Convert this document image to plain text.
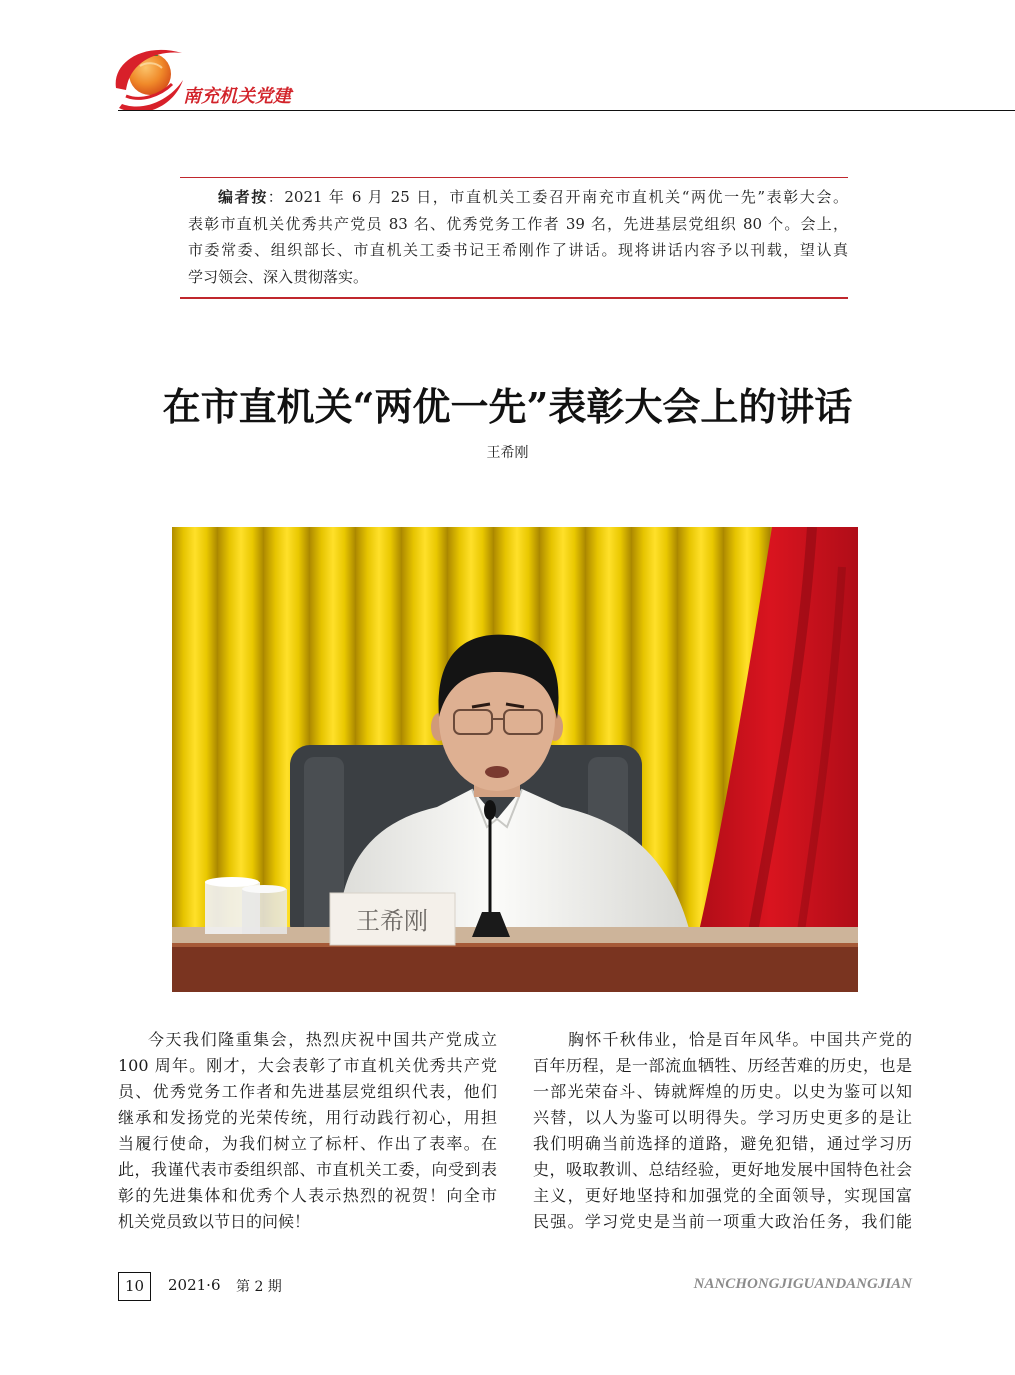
南充机关党建
编者按：2021 年 6 月 25 日，市直机关工委召开南充市直机关“两优一先”表彰大会。
表彰市直机关优秀共产党员 83 名、优秀党务工作者 39 名，先进基层党组织 80 个。会上，
市委常委、组织部长、市直机关工委书记王希刚作了讲话。现将讲话内容予以刊载，望认真
学习领会、深入贯彻落实。
在市直机关“两优一先”表彰大会上的讲话
王希刚
王希刚
今天我们隆重集会，热烈庆祝中国共产党成立
100 周年。刚才，大会表彰了市直机关优秀共产党
员、优秀党务工作者和先进基层党组织代表，他们
继承和发扬党的光荣传统，用行动践行初心，用担
当履行使命，为我们树立了标杆、作出了表率。在
此，我谨代表市委组织部、市直机关工委，向受到表
彰的先进集体和优秀个人表示热烈的祝贺！向全市
机关党员致以节日的问候！
胸怀千秋伟业，恰是百年风华。中国共产党的
百年历程，是一部流血牺牲、历经苦难的历史，也是
一部光荣奋斗、铸就辉煌的历史。以史为鉴可以知
兴替，以人为鉴可以明得失。学习历史更多的是让
我们明确当前选择的道路，避免犯错，通过学习历
史，吸取教训、总结经验，更好地发展中国特色社会
主义，更好地坚持和加强党的全面领导，实现国富
民强。学习党史是当前一项重大政治任务，我们能
10	2021·6 第 2 期	NANCHONGJIGUANDANGJIAN
